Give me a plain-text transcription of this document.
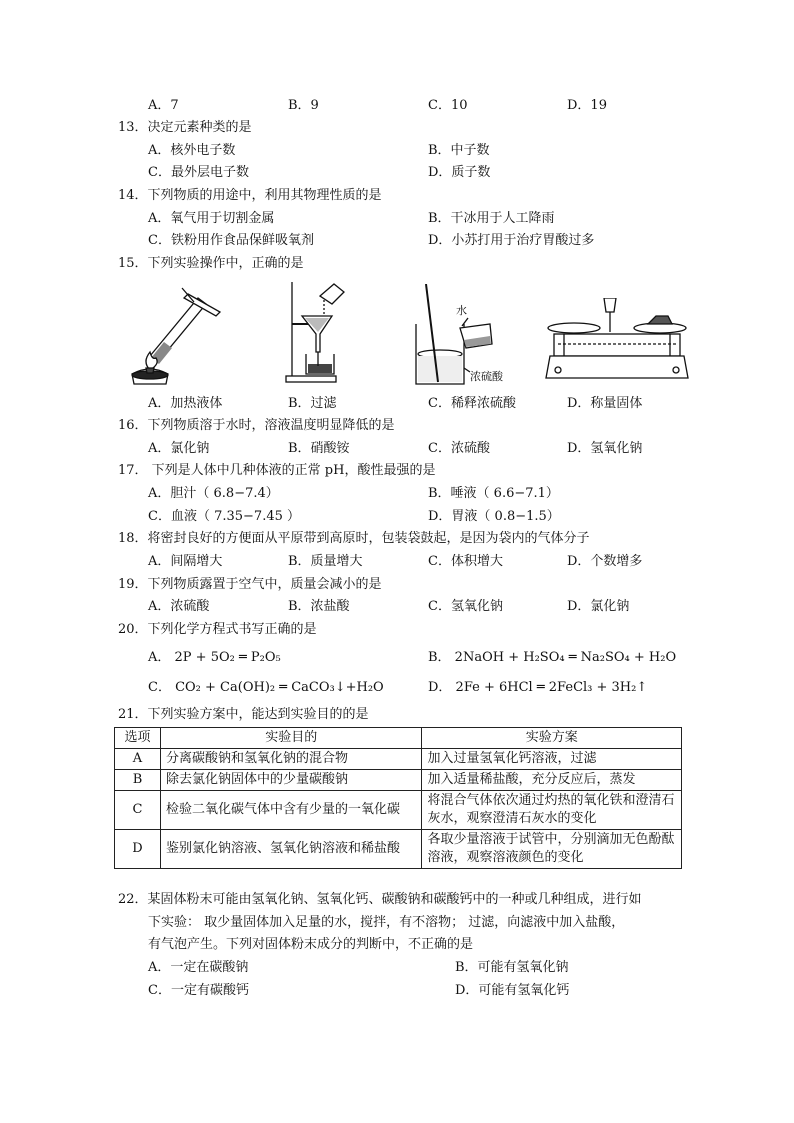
A．7	B．9	C．10	D．19
13．决定元素种类的是
A．核外电子数	B．中子数
C．最外层电子数	D．质子数
14．下列物质的用途中，利用其物理性质的是
A．氧气用于切割金属	B．干冰用于人工降雨
C．铁粉用作食品保鲜吸氧剂	D．小苏打用于治疗胃酸过多
15．下列实验操作中，正确的是
水
浓硫酸
A．加热液体	B．过滤	C．稀释浓硫酸	D．称量固体
16．下列物质溶于水时，溶液温度明显降低的是
A．氯化钠	B．硝酸铵	C．浓硫酸	D．氢氧化钠
17． 下列是人体中几种体液的正常 pH，酸性最强的是
A．胆汁（ 6.8−7.4）	B．唾液（ 6.6−7.1）
C．血液（ 7.35−7.45 ）	D．胃液（ 0.8−1.5）
18．将密封良好的方便面从平原带到高原时，包装袋鼓起，是因为袋内的气体分子
A．间隔增大	B．质量增大	C．体积增大	D．个数增多
19．下列物质露置于空气中，质量会减小的是
A．浓硫酸	B．浓盐酸	C．氢氧化钠	D．氯化钠
20．下列化学方程式书写正确的是
A． 2P + 5O₂ ═ P₂O₅	B． 2NaOH + H₂SO₄ ═ Na₂SO₄ + H₂O
C． CO₂ + Ca(OH)₂ ═ CaCO₃↓+H₂O	D． 2Fe + 6HCl ═ 2FeCl₃ + 3H₂↑
21．下列实验方案中，能达到实验目的的是
选项	实验目的	实验方案
A	分离碳酸钠和氢氧化钠的混合物	加入过量氢氧化钙溶液，过滤
B	除去氯化钠固体中的少量碳酸钠	加入适量稀盐酸，充分反应后，蒸发
C	检验二氧化碳气体中含有少量的一氧化碳	将混合气体依次通过灼热的氧化铁和澄清石灰水，观察澄清石灰水的变化
D	鉴别氯化钠溶液、氢氧化钠溶液和稀盐酸	各取少量溶液于试管中，分别滴加无色酚酞溶液，观察溶液颜色的变化
22．某固体粉末可能由氢氧化钠、氢氧化钙、碳酸钠和碳酸钙中的一种或几种组成，进行如
下实验： 取少量固体加入足量的水，搅拌，有不溶物； 过滤，向滤液中加入盐酸，
有气泡产生。下列对固体粉末成分的判断中，不正确的是
A．一定在碳酸钠	B．可能有氢氧化钠
C．一定有碳酸钙	D．可能有氢氧化钙
